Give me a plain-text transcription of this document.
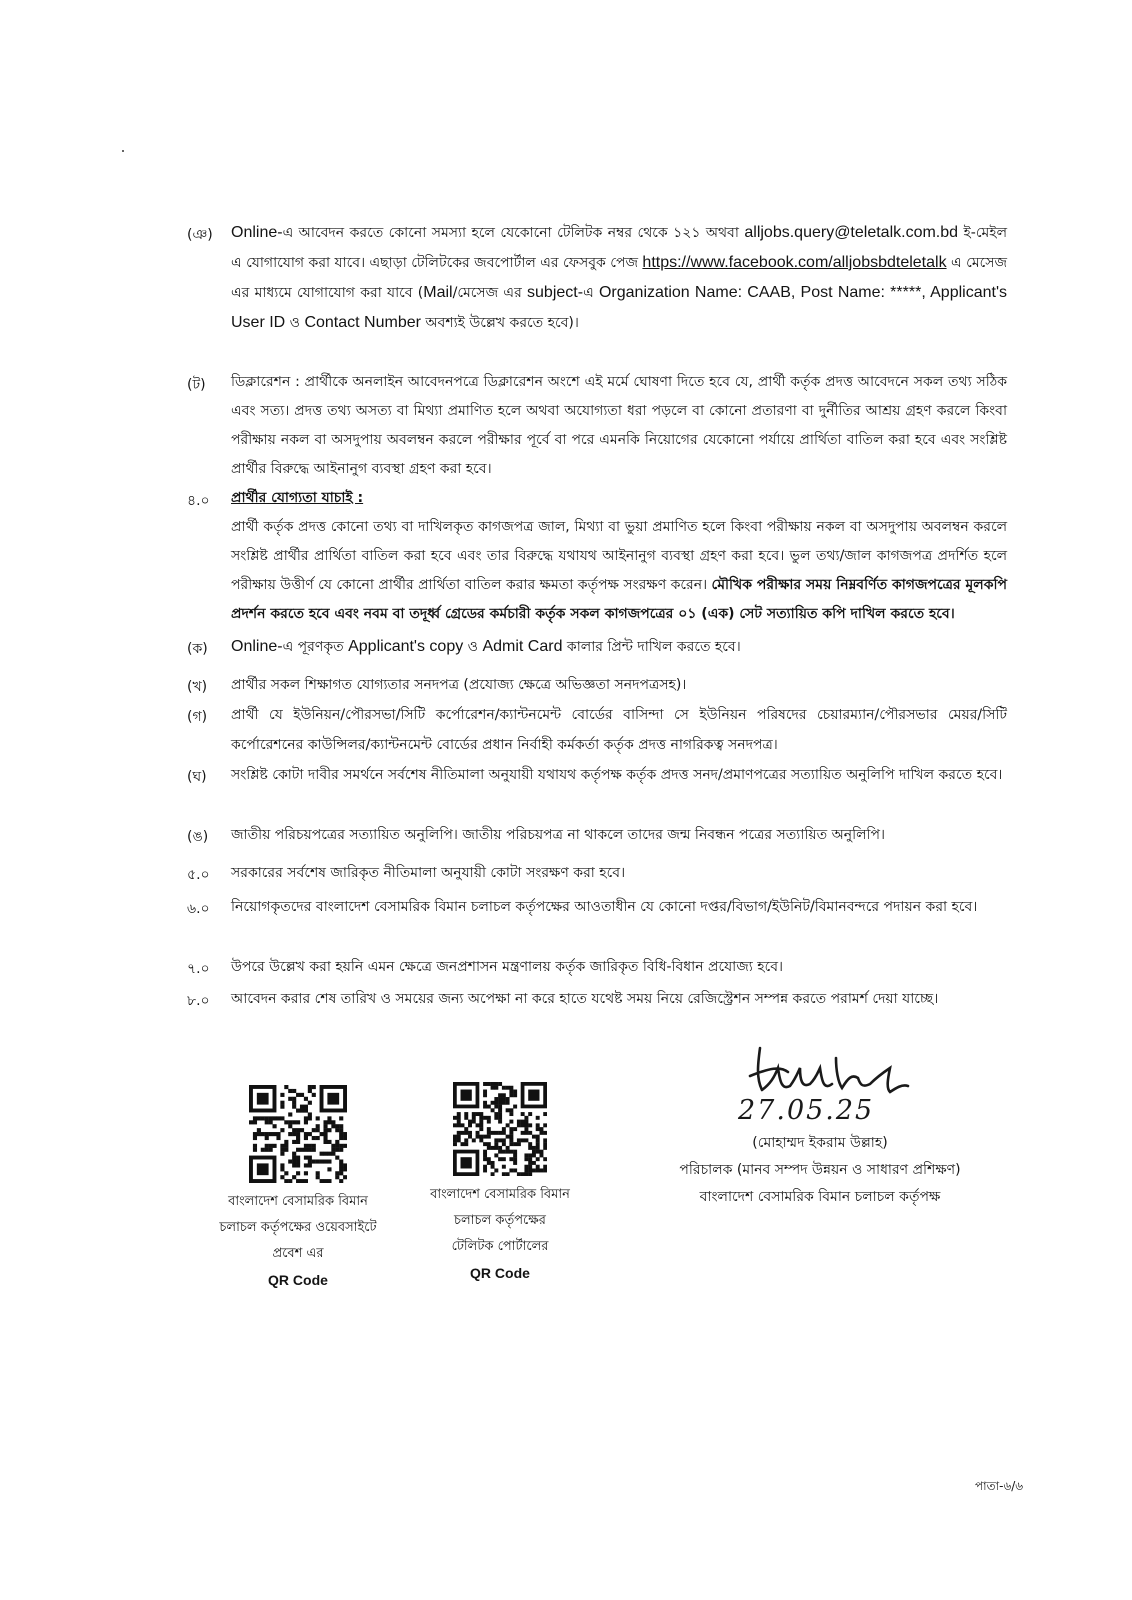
(ঞ)	Online-এ আবেদন করতে কোনো সমস্যা হলে যেকোনো টেলিটক নম্বর থেকে ১২১ অথবা alljobs.query@teletalk.com.bd ই-মেইল এ যোগাযোগ করা যাবে। এছাড়া টেলিটকের জবপোর্টাল এর ফেসবুক পেজ https://www.facebook.com/alljobsbdteletalk এ মেসেজ এর মাধ্যমে যোগাযোগ করা যাবে (Mail/মেসেজ এর subject-এ Organization Name: CAAB, Post Name: *****, Applicant's User ID ও Contact Number অবশ্যই উল্লেখ করতে হবে)।
(ট)	ডিক্লারেশন : প্রার্থীকে অনলাইন আবেদনপত্রে ডিক্লারেশন অংশে এই মর্মে ঘোষণা দিতে হবে যে, প্রার্থী কর্তৃক প্রদত্ত আবেদনে সকল তথ্য সঠিক এবং সত্য। প্রদত্ত তথ্য অসত্য বা মিথ্যা প্রমাণিত হলে অথবা অযোগ্যতা ধরা পড়লে বা কোনো প্রতারণা বা দুর্নীতির আশ্রয় গ্রহণ করলে কিংবা পরীক্ষায় নকল বা অসদুপায় অবলম্বন করলে পরীক্ষার পূর্বে বা পরে এমনকি নিয়োগের যেকোনো পর্যায়ে প্রার্থিতা বাতিল করা হবে এবং সংশ্লিষ্ট প্রার্থীর বিরুদ্ধে আইনানুগ ব্যবস্থা গ্রহণ করা হবে।
৪.০	প্রার্থীর যোগ্যতা যাচাই :
প্রার্থী কর্তৃক প্রদত্ত কোনো তথ্য বা দাখিলকৃত কাগজপত্র জাল, মিথ্যা বা ভুয়া প্রমাণিত হলে কিংবা পরীক্ষায় নকল বা অসদুপায় অবলম্বন করলে সংশ্লিষ্ট প্রার্থীর প্রার্থিতা বাতিল করা হবে এবং তার বিরুদ্ধে যথাযথ আইনানুগ ব্যবস্থা গ্রহণ করা হবে। ভুল তথ্য/জাল কাগজপত্র প্রদর্শিত হলে পরীক্ষায় উত্তীর্ণ যে কোনো প্রার্থীর প্রার্থিতা বাতিল করার ক্ষমতা কর্তৃপক্ষ সংরক্ষণ করেন। মৌখিক পরীক্ষার সময় নিম্নবর্ণিত কাগজপত্রের মূলকপি প্রদর্শন করতে হবে এবং নবম বা তদূর্ধ্ব গ্রেডের কর্মচারী কর্তৃক সকল কাগজপত্রের ০১ (এক) সেট সত্যায়িত কপি দাখিল করতে হবে।
(ক)	Online-এ পূরণকৃত Applicant's copy ও Admit Card কালার প্রিন্ট দাখিল করতে হবে।
(খ)	প্রার্থীর সকল শিক্ষাগত যোগ্যতার সনদপত্র (প্রযোজ্য ক্ষেত্রে অভিজ্ঞতা সনদপত্রসহ)।
(গ)	প্রার্থী যে ইউনিয়ন/পৌরসভা/সিটি কর্পোরেশন/ক্যান্টনমেন্ট বোর্ডের বাসিন্দা সে ইউনিয়ন পরিষদের চেয়ারম্যান/পৌরসভার মেয়র/সিটি কর্পোরেশনের কাউন্সিলর/ক্যান্টনমেন্ট বোর্ডের প্রধান নির্বাহী কর্মকর্তা কর্তৃক প্রদত্ত নাগরিকত্ব সনদপত্র।
(ঘ)	সংশ্লিষ্ট কোটা দাবীর সমর্থনে সর্বশেষ নীতিমালা অনুযায়ী যথাযথ কর্তৃপক্ষ কর্তৃক প্রদত্ত সনদ/প্রমাণপত্রের সত্যায়িত অনুলিপি দাখিল করতে হবে।
(ঙ)	জাতীয় পরিচয়পত্রের সত্যায়িত অনুলিপি। জাতীয় পরিচয়পত্র না থাকলে তাদের জন্ম নিবন্ধন পত্রের সত্যায়িত অনুলিপি।
৫.০	সরকারের সর্বশেষ জারিকৃত নীতিমালা অনুযায়ী কোটা সংরক্ষণ করা হবে।
৬.০	নিয়োগকৃতদের বাংলাদেশ বেসামরিক বিমান চলাচল কর্তৃপক্ষের আওতাধীন যে কোনো দপ্তর/বিভাগ/ইউনিট/বিমানবন্দরে পদায়ন করা হবে।
৭.০	উপরে উল্লেখ করা হয়নি এমন ক্ষেত্রে জনপ্রশাসন মন্ত্রণালয় কর্তৃক জারিকৃত বিধি-বিধান প্রযোজ্য হবে।
৮.০	আবেদন করার শেষ তারিখ ও সময়ের জন্য অপেক্ষা না করে হাতে যথেষ্ট সময় নিয়ে রেজিস্ট্রেশন সম্পন্ন করতে পরামর্শ দেয়া যাচ্ছে।
27.05.25
(মোহাম্মদ ইকরাম উল্লাহ)
পরিচালক (মানব সম্পদ উন্নয়ন ও সাধারণ প্রশিক্ষণ)
বাংলাদেশ বেসামরিক বিমান চলাচল কর্তৃপক্ষ
বাংলাদেশ বেসামরিক বিমান
চলাচল কর্তৃপক্ষের ওয়েবসাইটে
প্রবেশ এর
QR Code
বাংলাদেশ বেসামরিক বিমান
চলাচল কর্তৃপক্ষের
টেলিটক পোর্টালের
QR Code
পাতা-৬/৬
